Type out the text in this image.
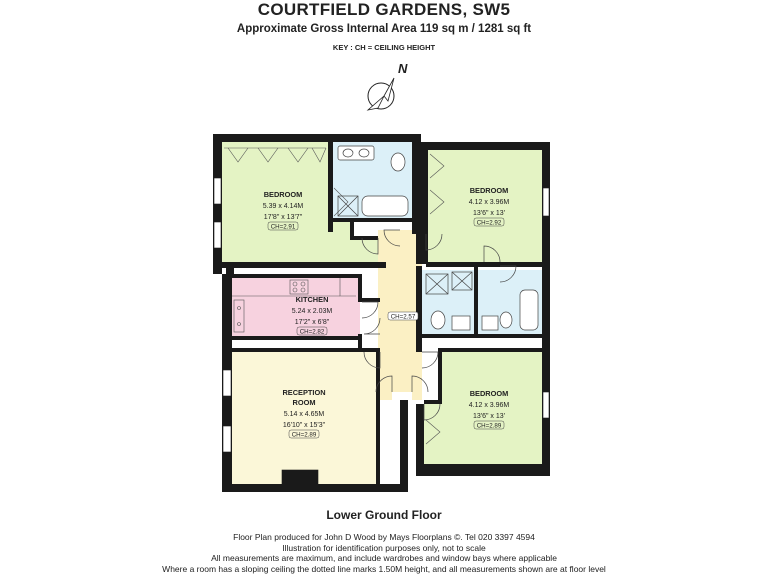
COURTFIELD GARDENS, SW5

Approximate Gross Internal Area 119 sq m / 1281 sq ft

KEY : CH = CEILING HEIGHT

N
BEDROOM
5.39 x 4.14M
17'8" x 13'7"
CH=2.91
BEDROOM
4.12 x 3.96M
13'6" x 13'
CH=2.92
KITCHEN
5.24 x 2.03M
17'2" x 6'8"
CH=2.82
CH=2.57
RECEPTION
ROOM
5.14 x 4.65M
16'10" x 15'3"
CH=2.89
BEDROOM
4.12 x 3.96M
13'6" x 13'
CH=2.89

Lower Ground Floor

Floor Plan produced for John D Wood by Mays Floorplans ©. Tel 020 3397 4594

Illustration for identification purposes only, not to scale

All measurements are maximum, and include wardrobes and window bays where applicable

Where a room has a sloping ceiling the dotted line marks 1.50M height, and all measurements shown are at floor level
